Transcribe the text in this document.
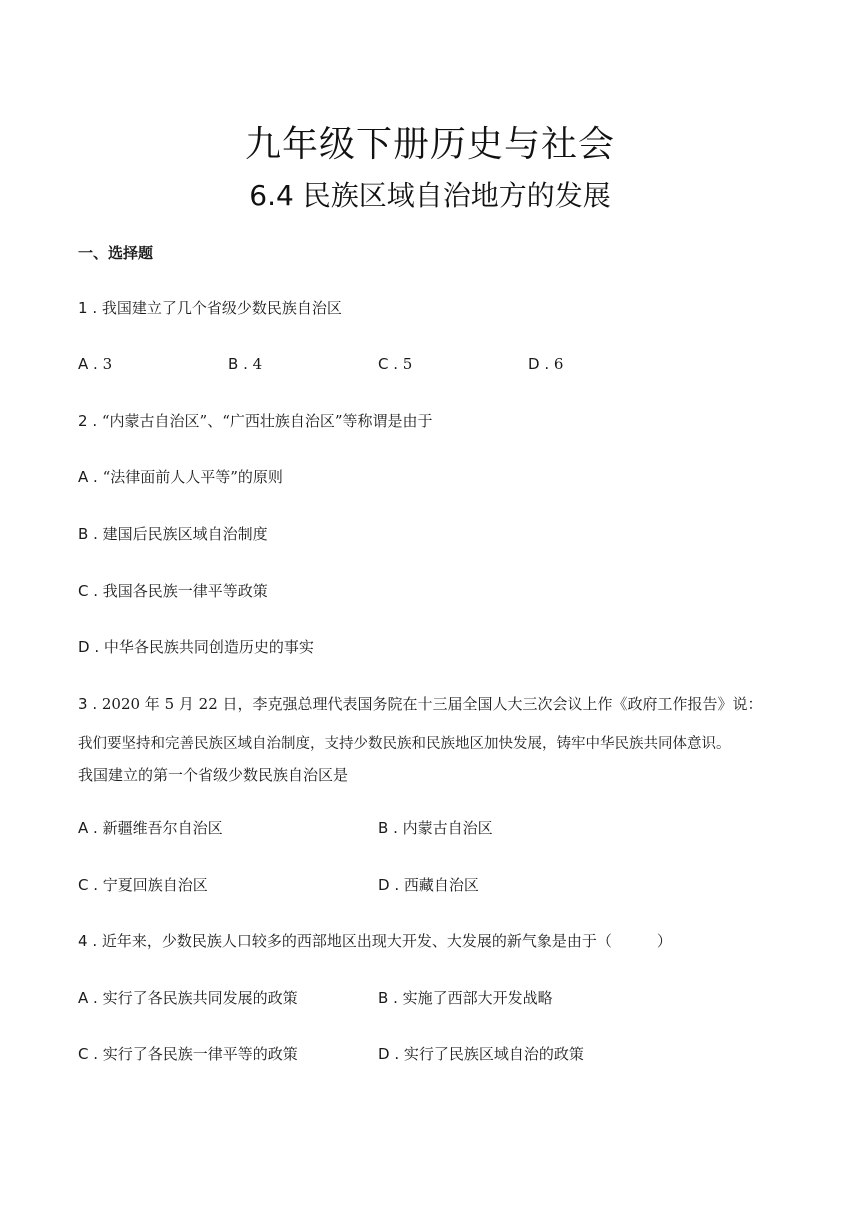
九年级下册历史与社会
6.4 民族区域自治地方的发展
一、选择题
1 . 我国建立了几个省级少数民族自治区
A . 3	B . 4	C . 5	D . 6
2 . “内蒙古自治区”、“广西壮族自治区”等称谓是由于
A . “法律面前人人平等”的原则
B . 建国后民族区域自治制度
C . 我国各民族一律平等政策
D . 中华各民族共同创造历史的事实
3 . 2020 年 5 月 22 日，李克强总理代表国务院在十三届全国人大三次会议上作《政府工作报告》说：
我们要坚持和完善民族区域自治制度，支持少数民族和民族地区加快发展，铸牢中华民族共同体意识。
我国建立的第一个省级少数民族自治区是
A . 新疆维吾尔自治区	B . 内蒙古自治区
C . 宁夏回族自治区	D . 西藏自治区
4 . 近年来，少数民族人口较多的西部地区出现大开发、大发展的新气象是由于（　　　）
A . 实行了各民族共同发展的政策	B . 实施了西部大开发战略
C . 实行了各民族一律平等的政策	D . 实行了民族区域自治的政策
